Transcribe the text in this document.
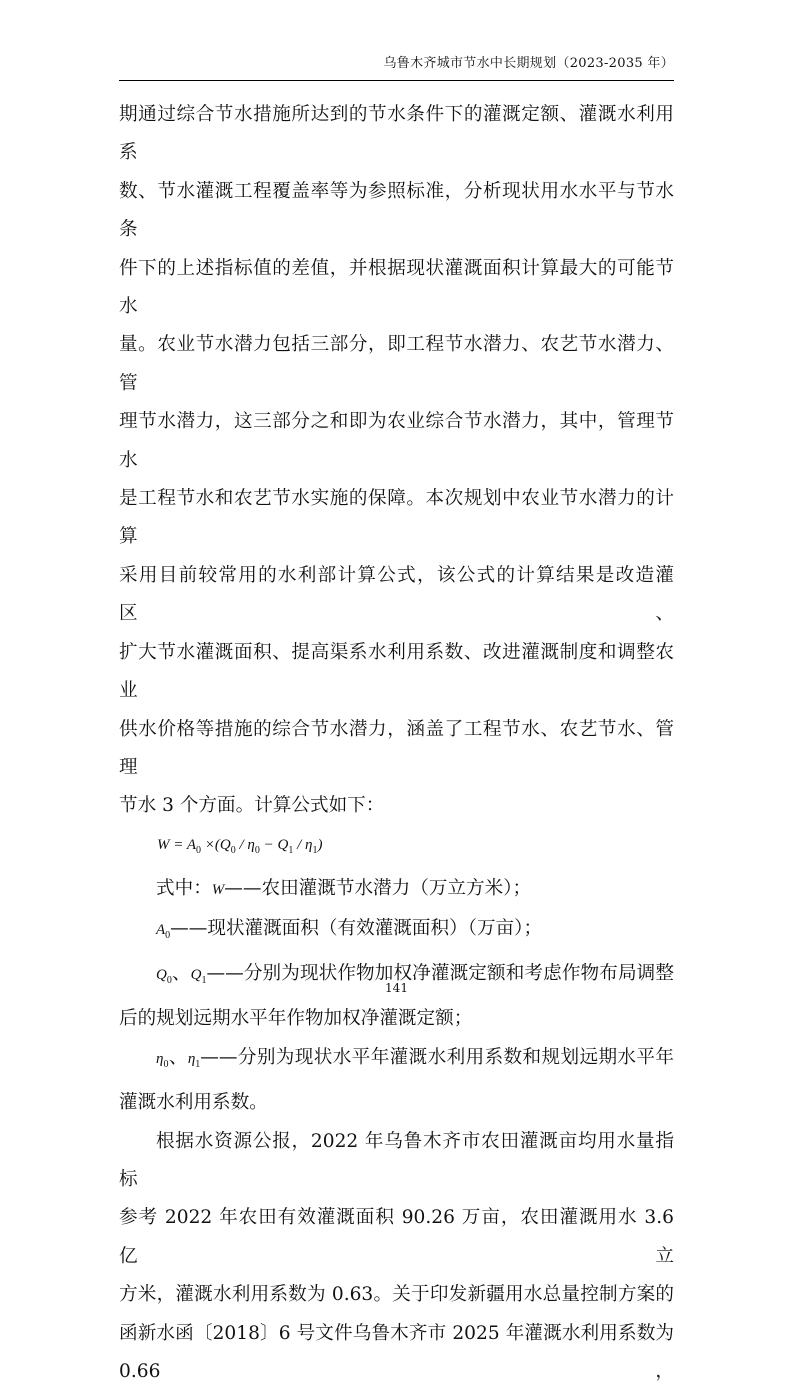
乌鲁木齐城市节水中长期规划（2023-2035 年）

期通过综合节水措施所达到的节水条件下的灌溉定额、灌溉水利用系

数、节水灌溉工程覆盖率等为参照标准，分析现状用水水平与节水条

件下的上述指标值的差值，并根据现状灌溉面积计算最大的可能节水

量。农业节水潜力包括三部分，即工程节水潜力、农艺节水潜力、管

理节水潜力，这三部分之和即为农业综合节水潜力，其中，管理节水

是工程节水和农艺节水实施的保障。本次规划中农业节水潜力的计算

采用目前较常用的水利部计算公式，该公式的计算结果是改造灌区、

扩大节水灌溉面积、提高渠系水利用系数、改进灌溉制度和调整农业

供水价格等措施的综合节水潜力，涵盖了工程节水、农艺节水、管理

节水 3 个方面。计算公式如下：

$W = A_0 \times(Q_0 / \eta_0 - Q_1 / \eta_1)$

式中：W——农田灌溉节水潜力（万立方米）；

$A_0——$现状灌溉面积（有效灌溉面积）（万亩）；

$Q_0$、$Q_1——$分别为现状作物加权净灌溉定额和考虑作物布局调整

后的规划远期水平年作物加权净灌溉定额；

$\eta_0$、$\eta_1——$分别为现状水平年灌溉水利用系数和规划远期水平年

灌溉水利用系数。

根据水资源公报，2022 年乌鲁木齐市农田灌溉亩均用水量指标

参考 2022 年农田有效灌溉面积 90.26 万亩，农田灌溉用水 3.6 亿立

方米，灌溉水利用系数为 0.63。关于印发新疆用水总量控制方案的

函新水函〔2018〕6 号文件乌鲁木齐市 2025 年灌溉水利用系数为 0.66，

141
